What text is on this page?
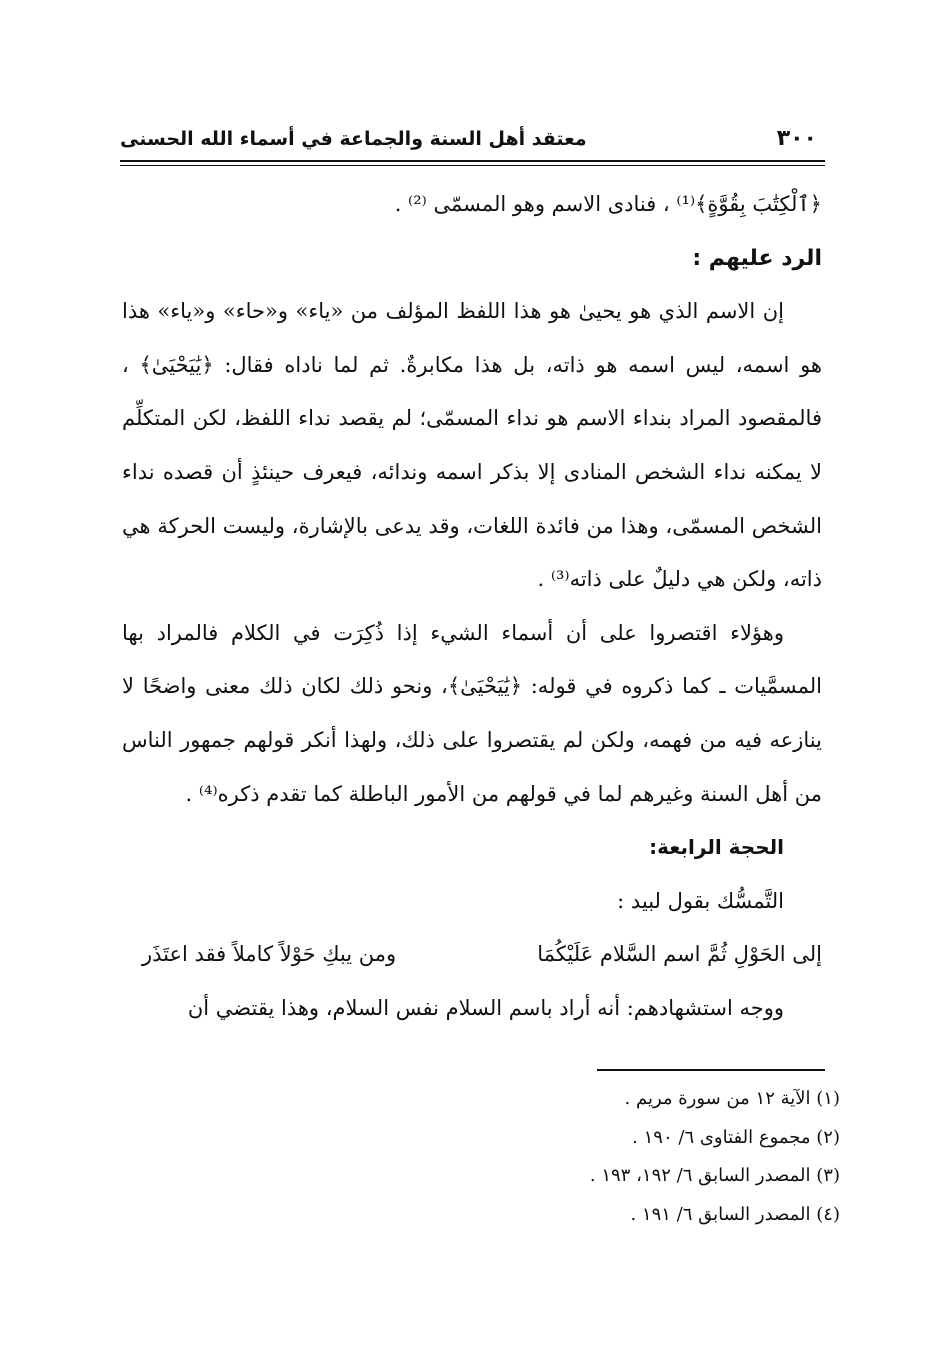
٣٠٠
معتقد أهل السنة والجماعة في أسماء الله الحسنى

﴿ٱلْكِتَٰبَ بِقُوَّةٍ﴾⁽¹⁾ ، فنادى الاسم وهو المسمّى ⁽²⁾ .

الرد عليهم :

إن الاسم الذي هو يحيىٰ هو هذا اللفظ المؤلف من «ياء» و«حاء» و«ياء» هذا هو اسمه، ليس اسمه هو ذاته، بل هذا مكابرةٌ. ثم لما ناداه فقال: ﴿يَٰيَحْيَىٰ﴾ ، فالمقصود المراد بنداء الاسم هو نداء المسمّى؛ لم يقصد نداء اللفظ، لكن المتكلِّم لا يمكنه نداء الشخص المنادى إلا بذكر اسمه وندائه، فيعرف حينئذٍ أن قصده نداء الشخص المسمّى، وهذا من فائدة اللغات، وقد يدعى بالإشارة، وليست الحركة هي ذاته، ولكن هي دليلٌ على ذاته⁽³⁾ .

وهؤلاء اقتصروا على أن أسماء الشيء إذا ذُكِرَت في الكلام فالمراد بها المسمَّيات ـ كما ذكروه في قوله: ﴿يَٰيَحْيَىٰ﴾، ونحو ذلك لكان ذلك معنى واضحًا لا ينازعه فيه من فهمه، ولكن لم يقتصروا على ذلك، ولهذا أنكر قولهم جمهور الناس من أهل السنة وغيرهم لما في قولهم من الأمور الباطلة كما تقدم ذكره⁽⁴⁾ .

الحجة الرابعة:

التَّمسُّك بقول لبيد :

إلى الحَوْلِ ثُمَّ اسم السَّلام عَلَيْكُمَا
ومن يبكِ حَوْلاً كاملاً فقد اعتَذَر

ووجه استشهادهم: أنه أراد باسم السلام نفس السلام، وهذا يقتضي أن

(١) الآية ١٢ من سورة مريم .
(٢) مجموع الفتاوى ٦/ ١٩٠ .
(٣) المصدر السابق ٦/ ١٩٢، ١٩٣ .
(٤) المصدر السابق ٦/ ١٩١ .
